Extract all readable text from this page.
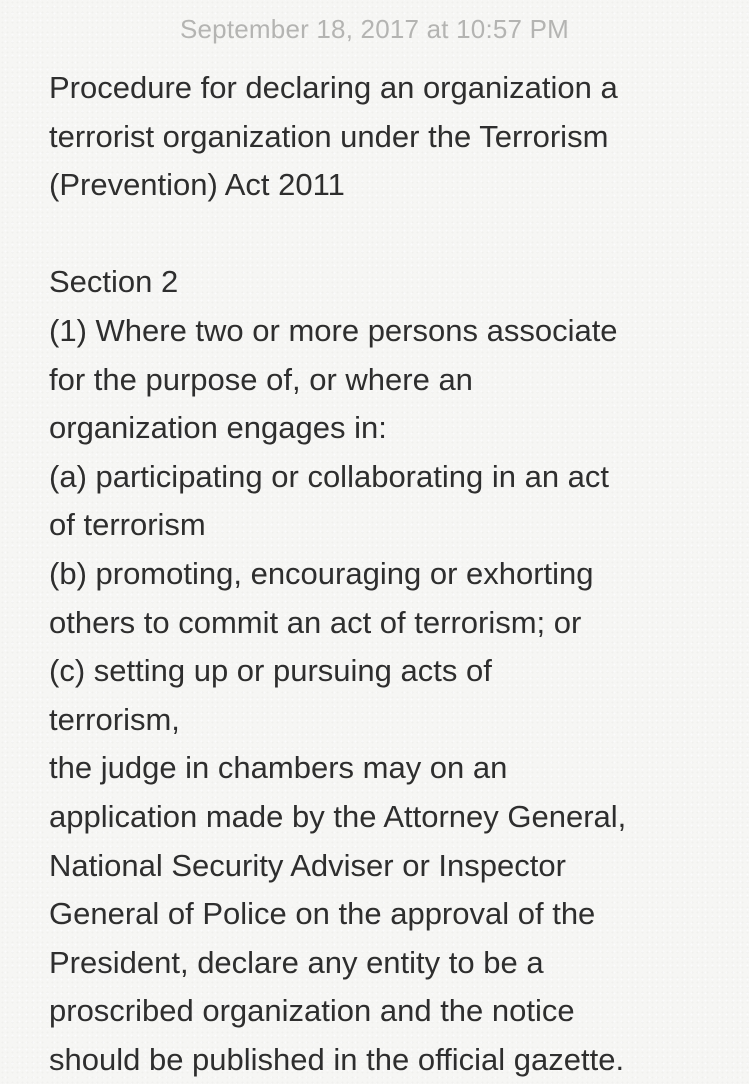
September 18, 2017 at 10:57 PM
Procedure for declaring an organization a
terrorist organization under the Terrorism
(Prevention) Act 2011
Section 2
(1) Where two or more persons associate
for the purpose of, or where an
organization engages in:
(a) participating or collaborating in an act
of terrorism
(b) promoting, encouraging or exhorting
others to commit an act of terrorism; or
(c) setting up or pursuing acts of
terrorism,
the judge in chambers may on an
application made by the Attorney General,
National Security Adviser or Inspector
General of Police on the approval of the
President, declare any entity to be a
proscribed organization and the notice
should be published in the official gazette.
